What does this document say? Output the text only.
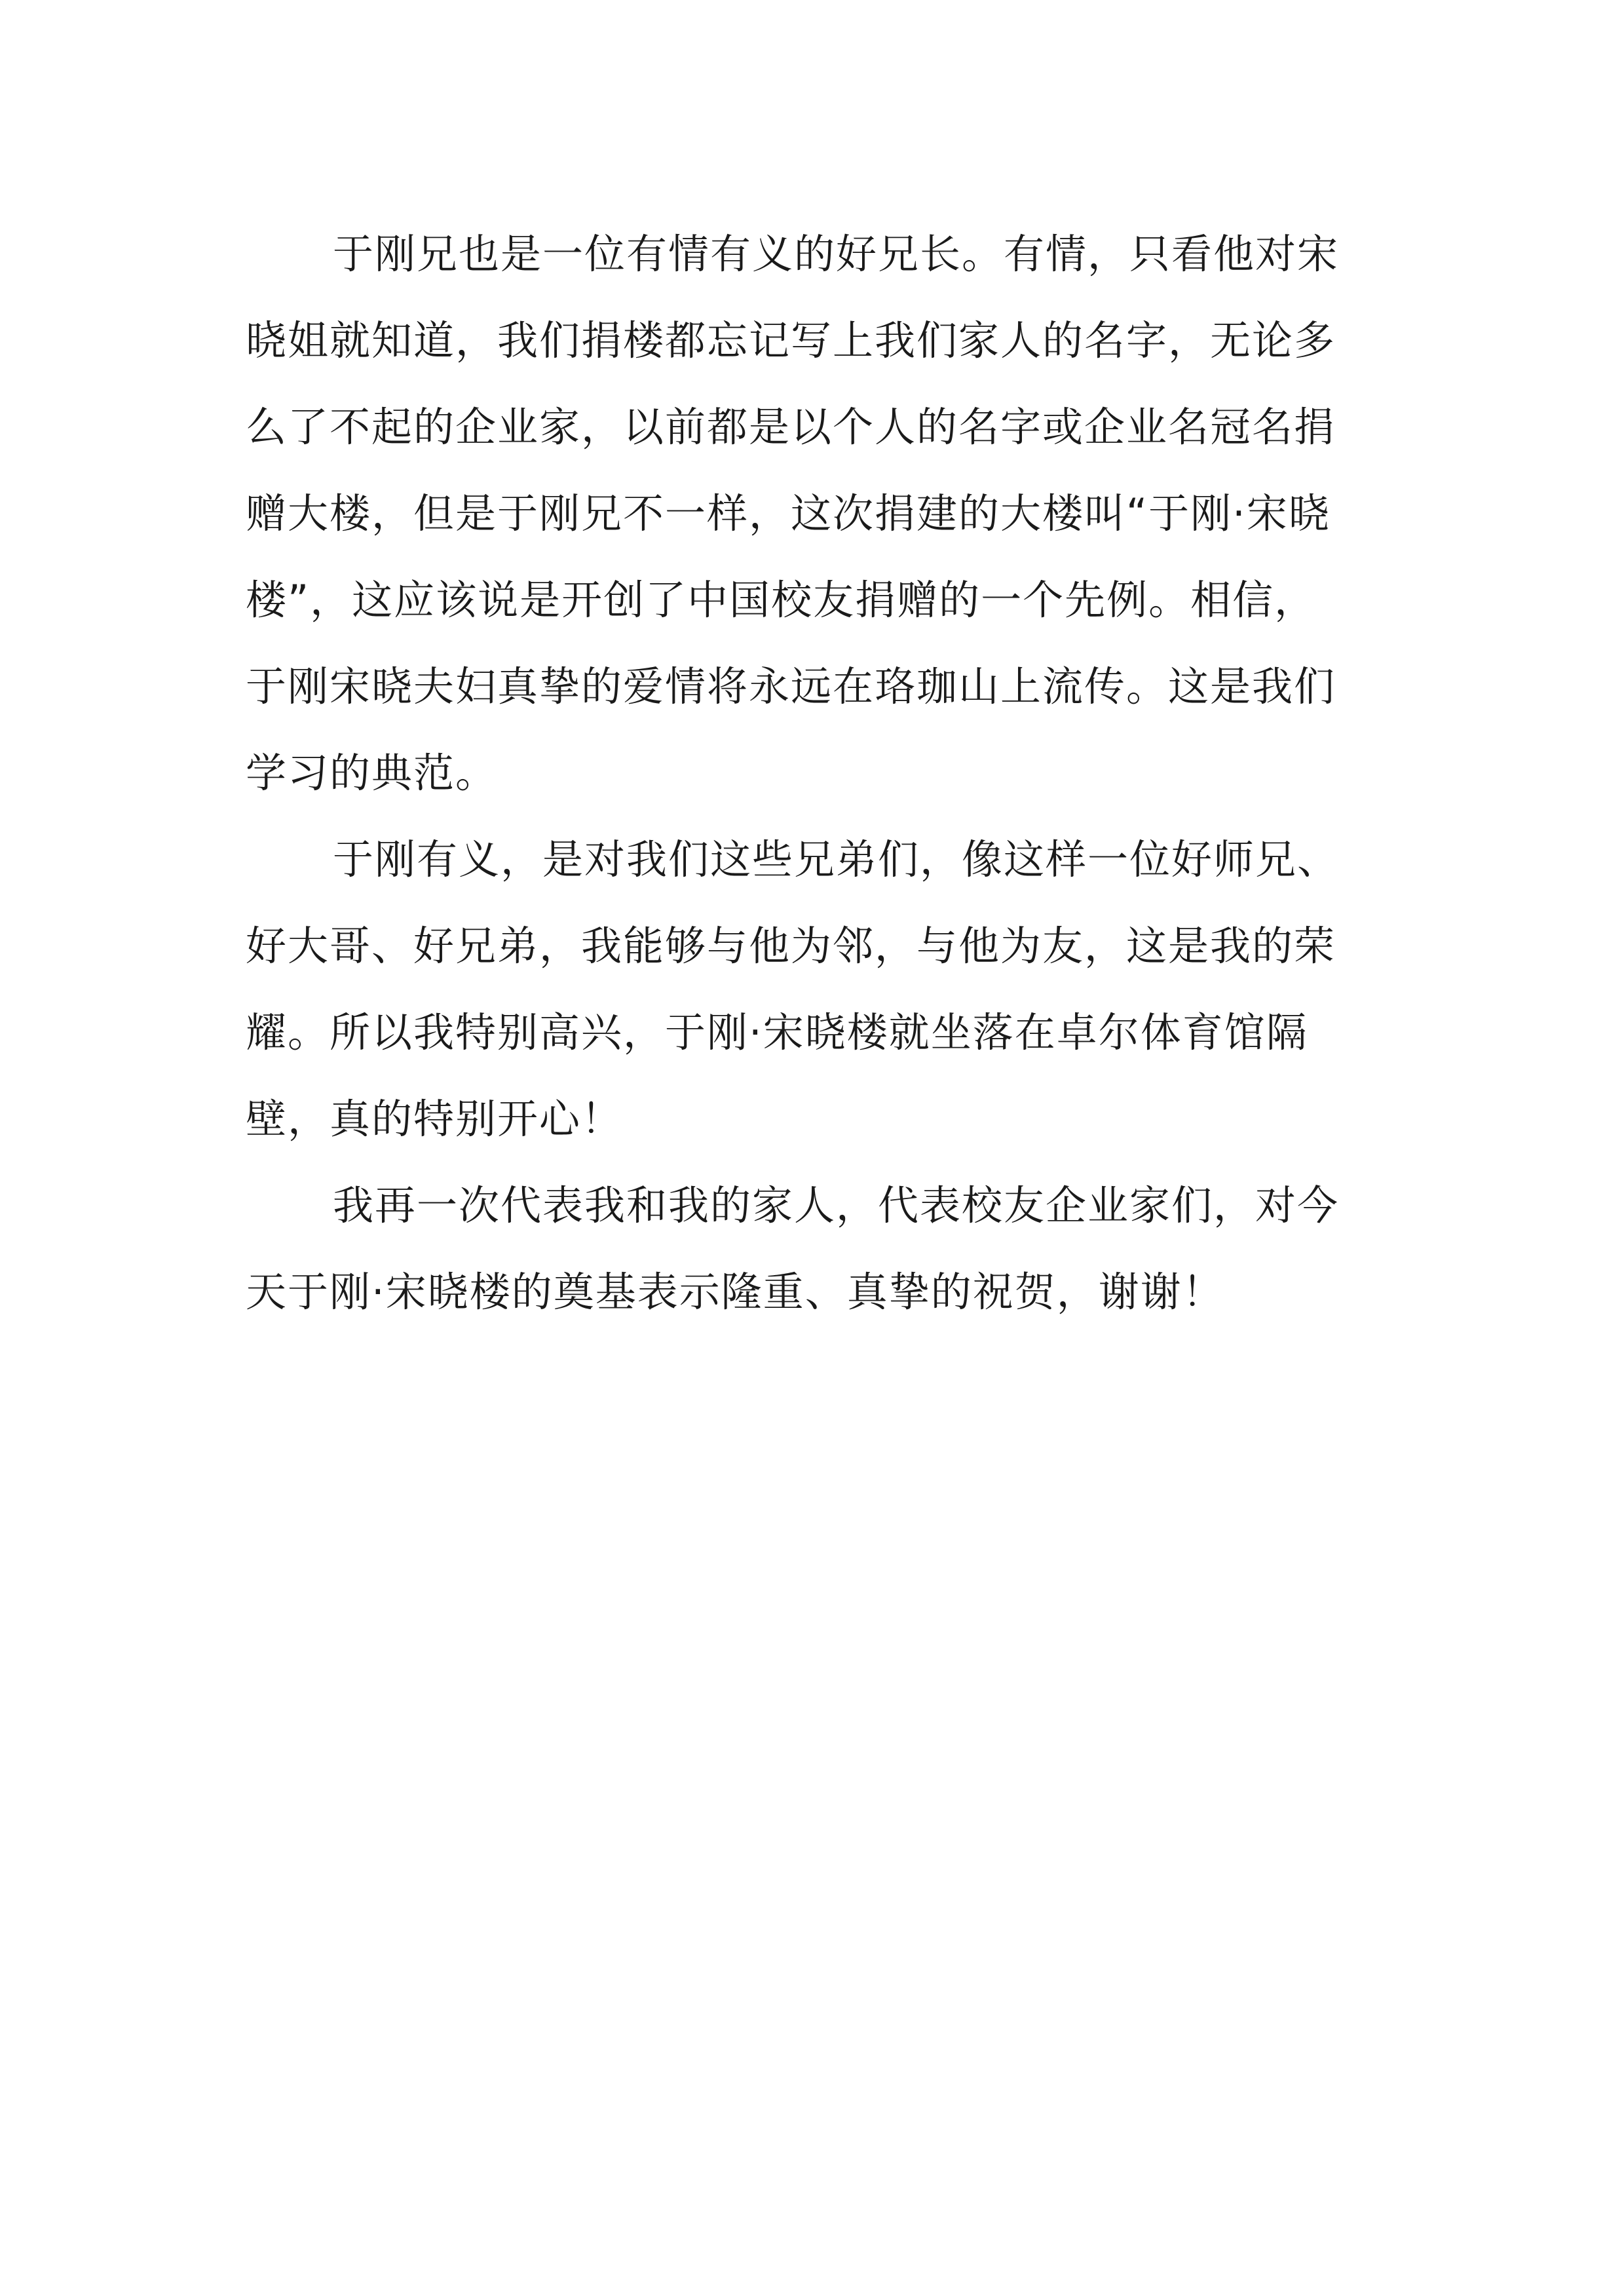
于刚兄也是一位有情有义的好兄长。有情，只看他对宋
晓姐就知道，我们捐楼都忘记写上我们家人的名字，无论多
么了不起的企业家，以前都是以个人的名字或企业名冠名捐
赠大楼，但是于刚兄不一样，这次捐建的大楼叫“于刚·宋晓
楼”，这应该说是开创了中国校友捐赠的一个先例。相信，
于刚宋晓夫妇真挚的爱情将永远在珞珈山上流传。这是我们
学习的典范。
于刚有义，是对我们这些兄弟们，像这样一位好师兄、
好大哥、好兄弟，我能够与他为邻，与他为友，这是我的荣
耀。所以我特别高兴，于刚·宋晓楼就坐落在卓尔体育馆隔
壁，真的特别开心！
我再一次代表我和我的家人，代表校友企业家们，对今
天于刚·宋晓楼的奠基表示隆重、真挚的祝贺，谢谢！
